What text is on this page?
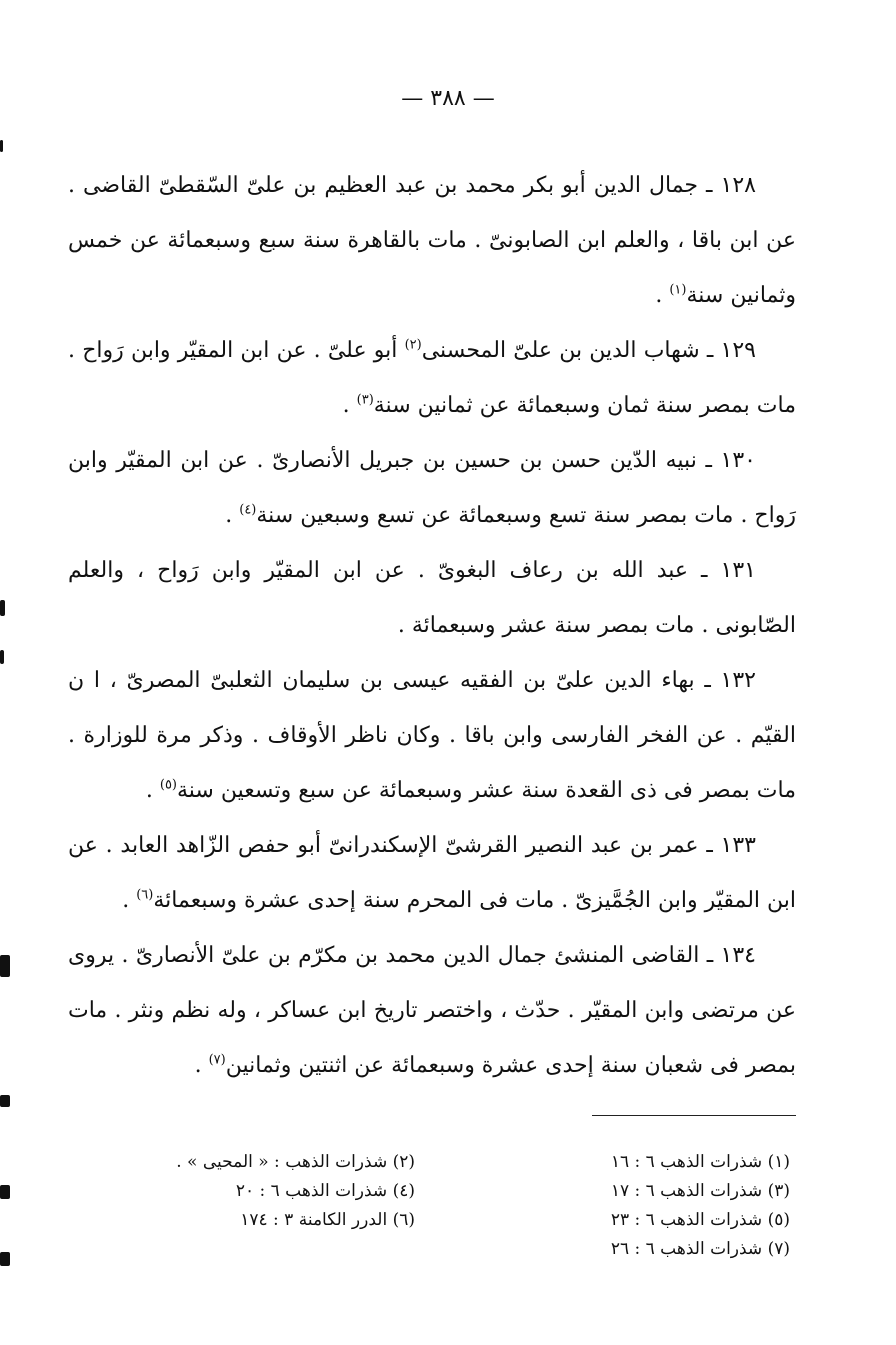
— ٣٨٨ —

١٢٨ ـ جمال الدين أبو بكر محمد بن عبد العظيم بن علىّ السّقطىّ القاضى . عن ابن باقا ، والعلم ابن الصابونىّ . مات بالقاهرة سنة سبع وسبعمائة عن خمس وثمانين سنة$^{(١)}$ .

١٢٩ ـ شهاب الدين بن علىّ المحسنى$^{(٢)}$ أبو علىّ . عن ابن المقيّر وابن رَواح . مات بمصر سنة ثمان وسبعمائة عن ثمانين سنة$^{(٣)}$ .

١٣٠ ـ نبيه الدّين حسن بن حسين بن جبريل الأنصارىّ . عن ابن المقيّر وابن رَواح . مات بمصر سنة تسع وسبعمائة عن تسع وسبعين سنة$^{(٤)}$ .

١٣١ ـ عبد الله بن رعاف البغوىّ . عن ابن المقيّر وابن رَواح ، والعلم الصّابونى . مات بمصر سنة عشر وسبعمائة .

١٣٢ ـ بهاء الدين علىّ بن الفقيه عيسى بن سليمان الثعلبىّ المصرىّ ، ا ن القيّم . عن الفخر الفارسى وابن باقا . وكان ناظر الأوقاف . وذكر مرة للوزارة . مات بمصر فى ذى القعدة سنة عشر وسبعمائة عن سبع وتسعين سنة$^{(٥)}$ .

١٣٣ ـ عمر بن عبد النصير القرشىّ الإسكندرانىّ أبو حفص الزّاهد العابد . عن ابن المقيّر وابن الجُمَّيزىّ . مات فى المحرم سنة إحدى عشرة وسبعمائة$^{(٦)}$ .

١٣٤ ـ القاضى المنشئ جمال الدين محمد بن مكرّم بن علىّ الأنصارىّ . يروى عن مرتضى وابن المقيّر . حدّث ، واختصر تاريخ ابن عساكر ، وله نظم ونثر . مات بمصر فى شعبان سنة إحدى عشرة وسبعمائة عن اثنتين وثمانين$^{(٧)}$ .

(١) شذرات الذهب ٦ : ١٦
(٢) شذرات الذهب : « المحيى » .
(٣) شذرات الذهب ٦ : ١٧
(٤) شذرات الذهب ٦ : ٢٠
(٥) شذرات الذهب ٦ : ٢٣
(٦) الدرر الكامنة ٣ : ١٧٤
(٧) شذرات الذهب ٦ : ٢٦
